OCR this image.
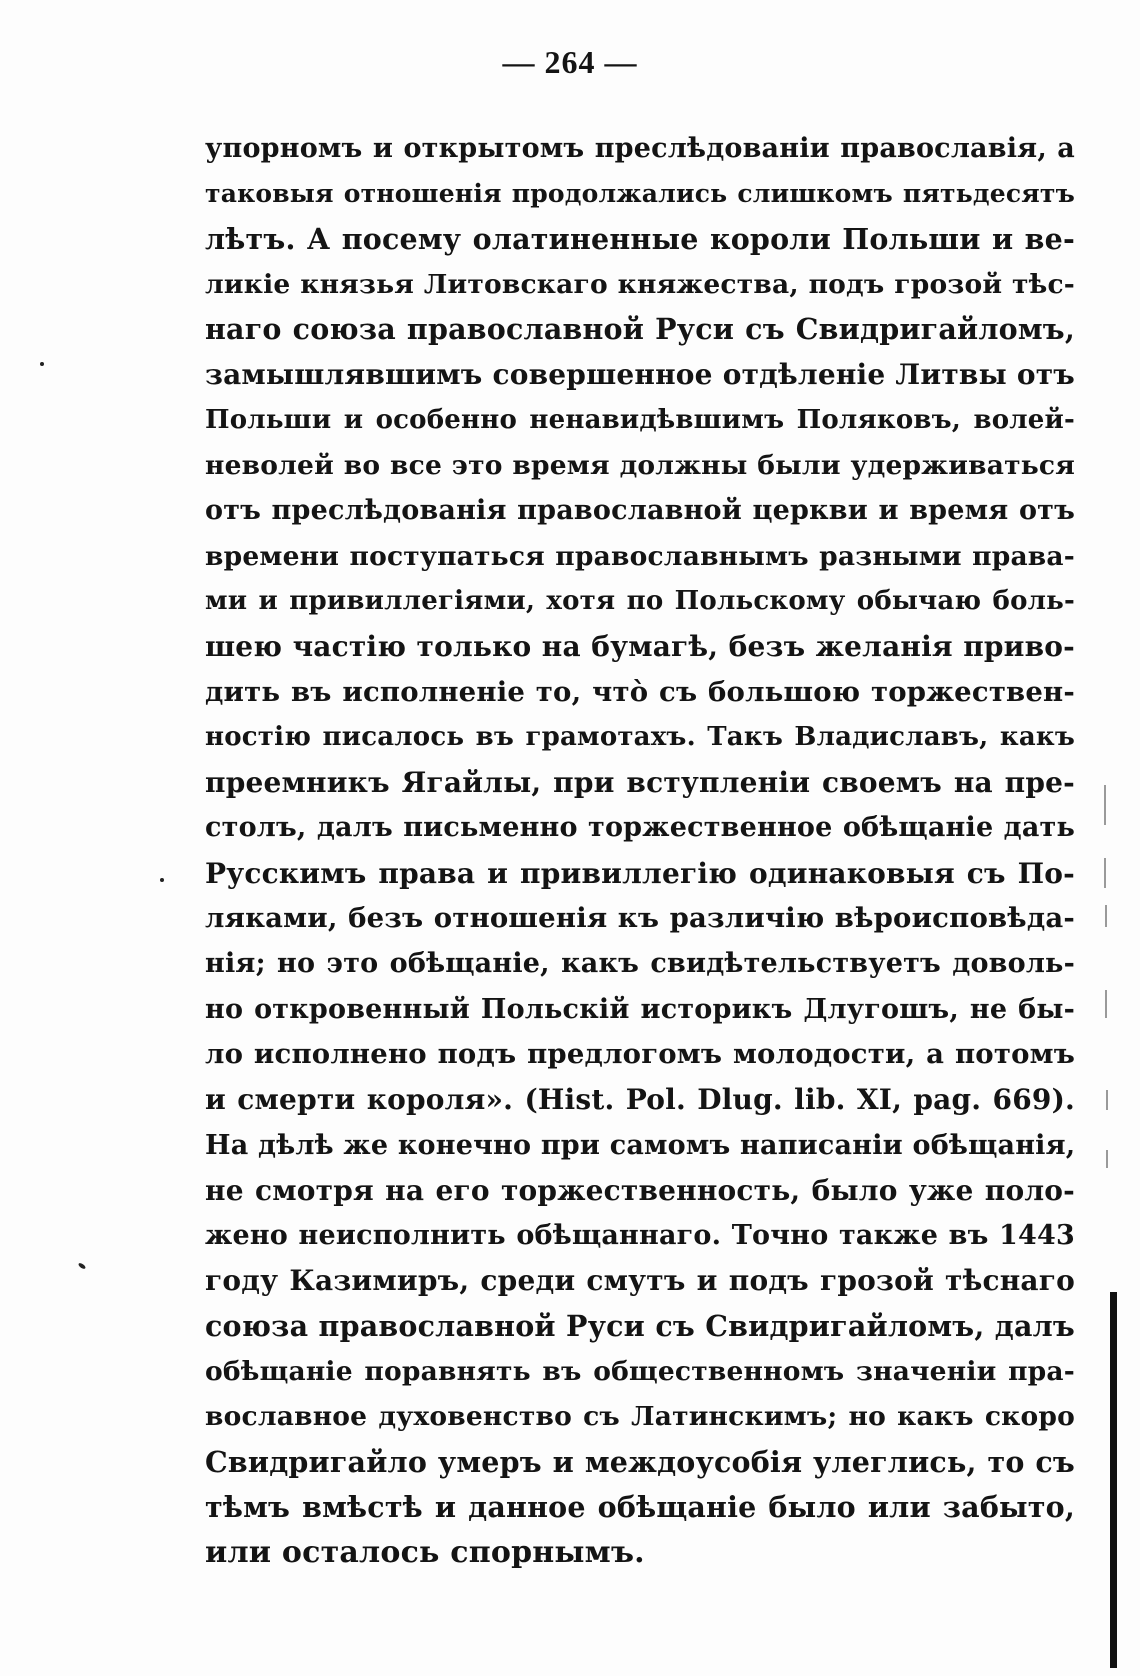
— 264 —
упорномъ и открытомъ преслѣдованіи православія, а
таковыя отношенія продолжались слишкомъ пятьдесятъ
лѣтъ. А посему олатиненные короли Польши и ве-
ликіе князья Литовскаго княжества, подъ грозой тѣс-
наго союза православной Руси съ Свидригайломъ,
замышлявшимъ совершенное отдѣленіе Литвы отъ
Польши и особенно ненавидѣвшимъ Поляковъ, волей-
неволей во все это время должны были удерживаться
отъ преслѣдованія православной церкви и время отъ
времени поступаться православнымъ разными права-
ми и привиллегіями, хотя по Польскому обычаю боль-
шею частію только на бумагѣ, безъ желанія приво-
дить въ исполненіе то, что̀ съ большою торжествен-
ностію писалось въ грамотахъ. Такъ Владиславъ, какъ
преемникъ Ягайлы, при вступленіи своемъ на пре-
столъ, далъ письменно торжественное обѣщаніе дать
Русскимъ права и привиллегію одинаковыя съ По-
ляками, безъ отношенія къ различію вѣроисповѣда-
нія; но это обѣщаніе, какъ свидѣтельствуетъ доволь-
но откровенный Польскій историкъ Длугошъ, не бы-
ло исполнено подъ предлогомъ молодости, а потомъ
и смерти короля». (Hist. Pol. Dlug. lib. XI, pag. 669).
На дѣлѣ же конечно при самомъ написаніи обѣщанія,
не смотря на его торжественность, было уже поло-
жено неисполнить обѣщаннаго. Точно также въ 1443
году Казимиръ, среди смутъ и подъ грозой тѣснаго
союза православной Руси съ Свидригайломъ, далъ
обѣщаніе поравнять въ общественномъ значеніи пра-
вославное духовенство съ Латинскимъ; но какъ скоро
Свидригайло умеръ и междоусобія улеглись, то съ
тѣмъ вмѣстѣ и данное обѣщаніе было или забыто,
или осталось спорнымъ.
